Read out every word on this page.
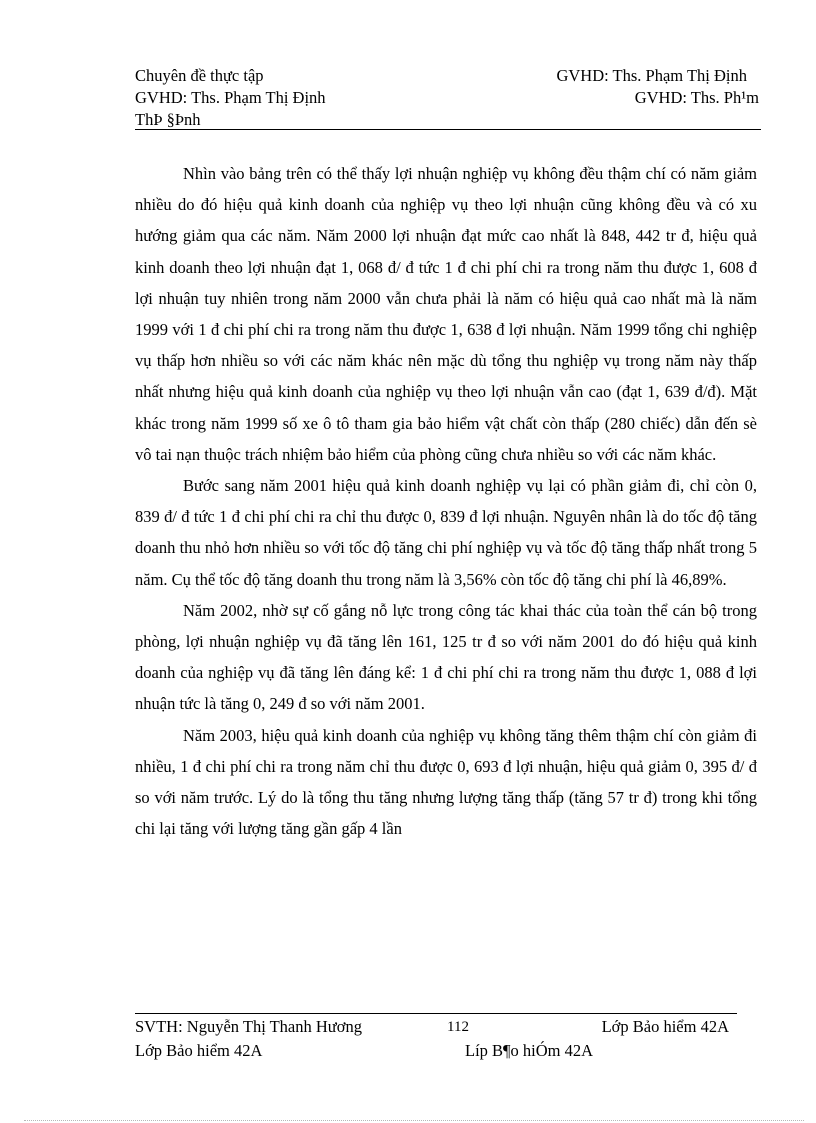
Chuyên đề thực tập	GVHD: Ths. Phạm Thị Định
GVHD: Ths. Phạm Thị Định	GVHD: Ths. Ph¹m
ThÞ §Þnh

Nhìn vào bảng trên có thể thấy lợi nhuận nghiệp vụ không đều thậm chí có năm giảm nhiều do đó hiệu quả kinh doanh của nghiệp vụ theo lợi nhuận cũng không đều và có xu hướng giảm qua các năm. Năm 2000 lợi nhuận đạt mức cao nhất là 848, 442 tr đ, hiệu quả kinh doanh theo lợi nhuận đạt 1, 068 đ/ đ tức 1 đ chi phí chi ra trong năm thu được 1, 608 đ lợi nhuận tuy nhiên trong năm 2000 vẫn chưa phải là năm có hiệu quả cao nhất mà là năm 1999 với 1 đ chi phí chi ra trong năm thu được 1, 638 đ lợi nhuận. Năm 1999 tổng chi nghiệp vụ thấp hơn nhiều so với các năm khác nên mặc dù tổng thu nghiệp vụ trong năm này thấp nhất nhưng hiệu quả kinh doanh của nghiệp vụ theo lợi nhuận vẫn cao (đạt 1, 639 đ/đ). Mặt khác trong năm 1999 số xe ô tô tham gia bảo hiểm vật chất còn thấp (280 chiếc) dẫn đến sè vô tai nạn thuộc trách nhiệm bảo hiểm của phòng cũng chưa nhiều so với các năm khác.

Bước sang năm 2001 hiệu quả kinh doanh nghiệp vụ lại có phần giảm đi, chỉ còn 0, 839 đ/ đ tức 1 đ chi phí chi ra chỉ thu được 0, 839 đ lợi nhuận. Nguyên nhân là do tốc độ tăng doanh thu nhỏ hơn nhiều so với tốc độ tăng chi phí nghiệp vụ và tốc độ tăng thấp nhất trong 5 năm. Cụ thể tốc độ tăng doanh thu trong năm là 3,56% còn tốc độ tăng chi phí là 46,89%.

Năm 2002, nhờ sự cố gắng nỗ lực trong công tác khai thác của toàn thể cán bộ trong phòng, lợi nhuận nghiệp vụ đã tăng lên 161, 125 tr đ so với năm 2001 do đó hiệu quả kinh doanh của nghiệp vụ đã tăng lên đáng kể: 1 đ chi phí chi ra trong năm thu được 1, 088 đ lợi nhuận tức là tăng 0, 249 đ so với năm 2001.

Năm 2003, hiệu quả kinh doanh của nghiệp vụ không tăng thêm thậm chí còn giảm đi nhiều, 1 đ chi phí chi ra trong năm chỉ thu được 0, 693 đ lợi nhuận, hiệu quả giảm 0, 395 đ/ đ so với năm trước. Lý do là tổng thu tăng nhưng lượng tăng thấp (tăng 57 tr đ) trong khi tổng chi lại tăng với lượng tăng gần gấp 4 lần

SVTH: Nguyễn Thị Thanh Hương	112	Lớp Bảo hiểm 42A
Lớp Bảo hiểm 42A	Líp B¶o hiÓm 42A
